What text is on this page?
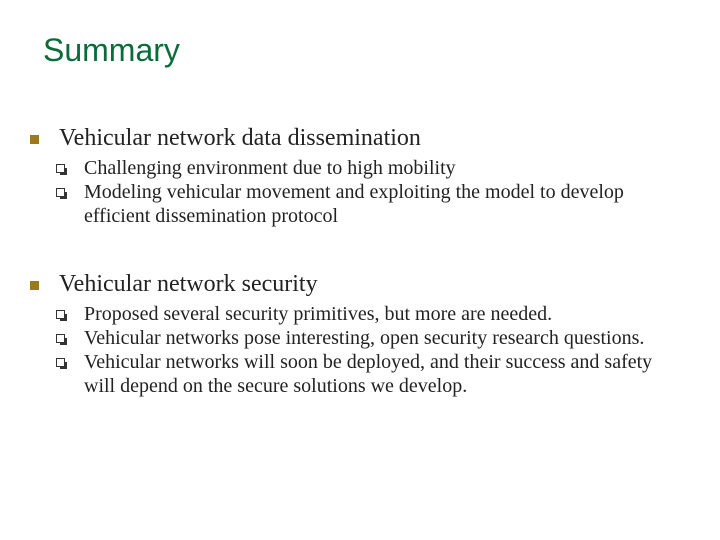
Summary

Vehicular network data dissemination

Challenging environment due to high mobility
Modeling vehicular movement and exploiting the model to develop efficient dissemination protocol

Vehicular network security

Proposed several security primitives, but more are needed.
Vehicular networks pose interesting, open security research questions.
Vehicular networks will soon be deployed, and their success and safety will depend on the secure solutions we develop.
